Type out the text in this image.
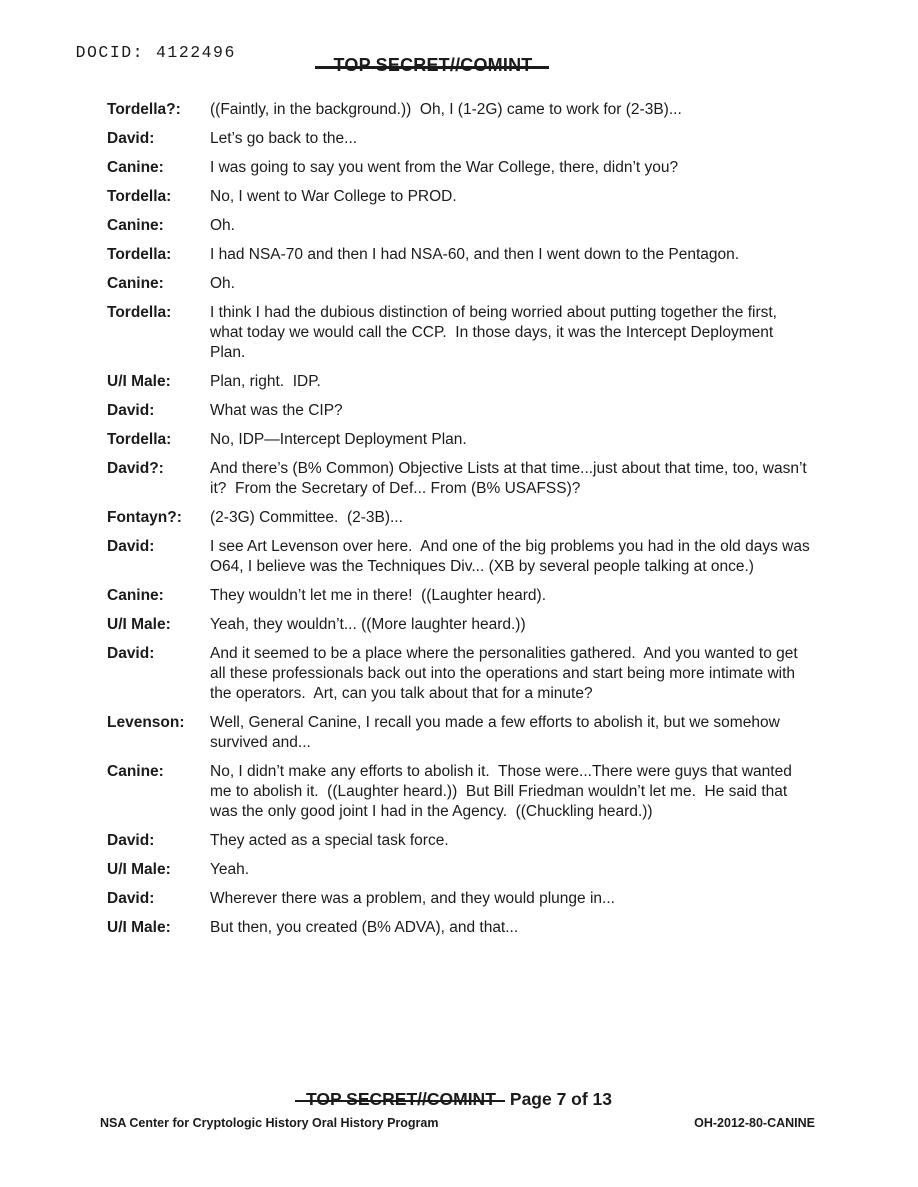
DOCID: 4122496

TOP SECRET//COMINT
Tordella?:	((Faintly, in the background.))  Oh, I (1-2G) came to work for (2-3B)...
David:	Let’s go back to the...
Canine:	I was going to say you went from the War College, there, didn’t you?
Tordella:	No, I went to War College to PROD.
Canine:	Oh.
Tordella:	I had NSA-70 and then I had NSA-60, and then I went down to the Pentagon.
Canine:	Oh.
Tordella:	I think I had the dubious distinction of being worried about putting together the first, what today we would call the CCP.  In those days, it was the Intercept Deployment Plan.
U/I Male:	Plan, right.  IDP.
David:	What was the CIP?
Tordella:	No, IDP—Intercept Deployment Plan.
David?:	And there’s (B% Common) Objective Lists at that time...just about that time, too, wasn’t it?  From the Secretary of Def... From (B% USAFSS)?
Fontayn?:	(2-3G) Committee.  (2-3B)...
David:	I see Art Levenson over here.  And one of the big problems you had in the old days was O64, I believe was the Techniques Div... (XB by several people talking at once.)
Canine:	They wouldn’t let me in there!  ((Laughter heard).
U/I Male:	Yeah, they wouldn’t... ((More laughter heard.))
David:	And it seemed to be a place where the personalities gathered.  And you wanted to get all these professionals back out into the operations and start being more intimate with the operators.  Art, can you talk about that for a minute?
Levenson:	Well, General Canine, I recall you made a few efforts to abolish it, but we somehow survived and...
Canine:	No, I didn’t make any efforts to abolish it.  Those were...There were guys that wanted me to abolish it.  ((Laughter heard.))  But Bill Friedman wouldn’t let me.  He said that was the only good joint I had in the Agency.  ((Chuckling heard.))
David:	They acted as a special task force.
U/I Male:	Yeah.
David:	Wherever there was a problem, and they would plunge in...
U/I Male:	But then, you created (B% ADVA), and that...
TOP SECRET//COMINT Page 7 of 13
NSA Center for Cryptologic History Oral History Program	OH-2012-80-CANINE
